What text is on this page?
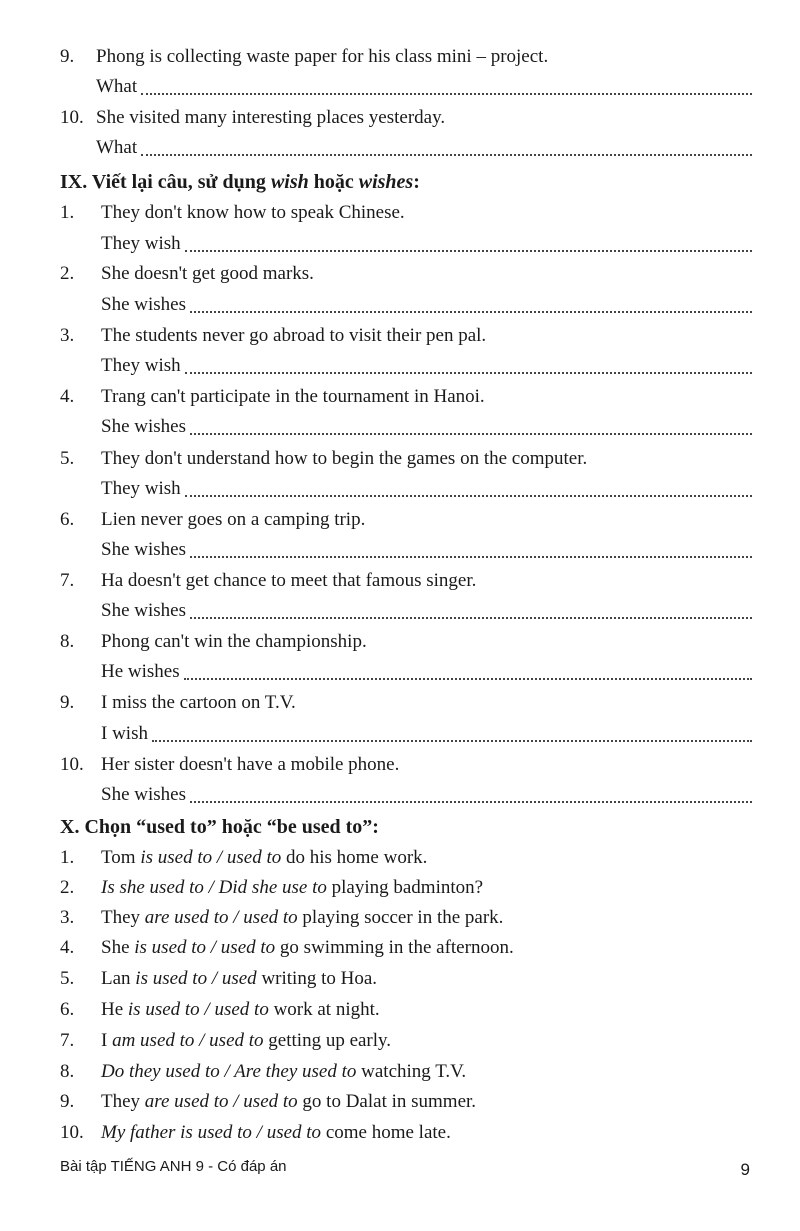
9. Phong is collecting waste paper for his class mini – project.
What
10. She visited many interesting places yesterday.
What
IX. Viết lại câu, sử dụng wish hoặc wishes:
1. They don't know how to speak Chinese.
They wish
2. She doesn't get good marks.
She wishes
3. The students never go abroad to visit their pen pal.
They wish
4. Trang can't participate in the tournament in Hanoi.
She wishes
5. They don't understand how to begin the games on the computer.
They wish
6. Lien never goes on a camping trip.
She wishes
7. Ha doesn't get chance to meet that famous singer.
She wishes
8. Phong can't win the championship.
He wishes
9. I miss the cartoon on T.V.
I wish
10. Her sister doesn't have a mobile phone.
She wishes
X. Chọn “used to” hoặc “be used to”:
1. Tom is used to / used to do his home work.
2. Is she used to / Did she use to playing badminton?
3. They are used to / used to playing soccer in the park.
4. She is used to / used to go swimming in the afternoon.
5. Lan is used to / used writing to Hoa.
6. He is used to / used to work at night.
7. I am used to / used to getting up early.
8. Do they used to / Are they used to watching T.V.
9. They are used to / used to go to Dalat in summer.
10. My father is used to / used to come home late.
Bài tập TIẾNG ANH 9 - Có đáp án	9
